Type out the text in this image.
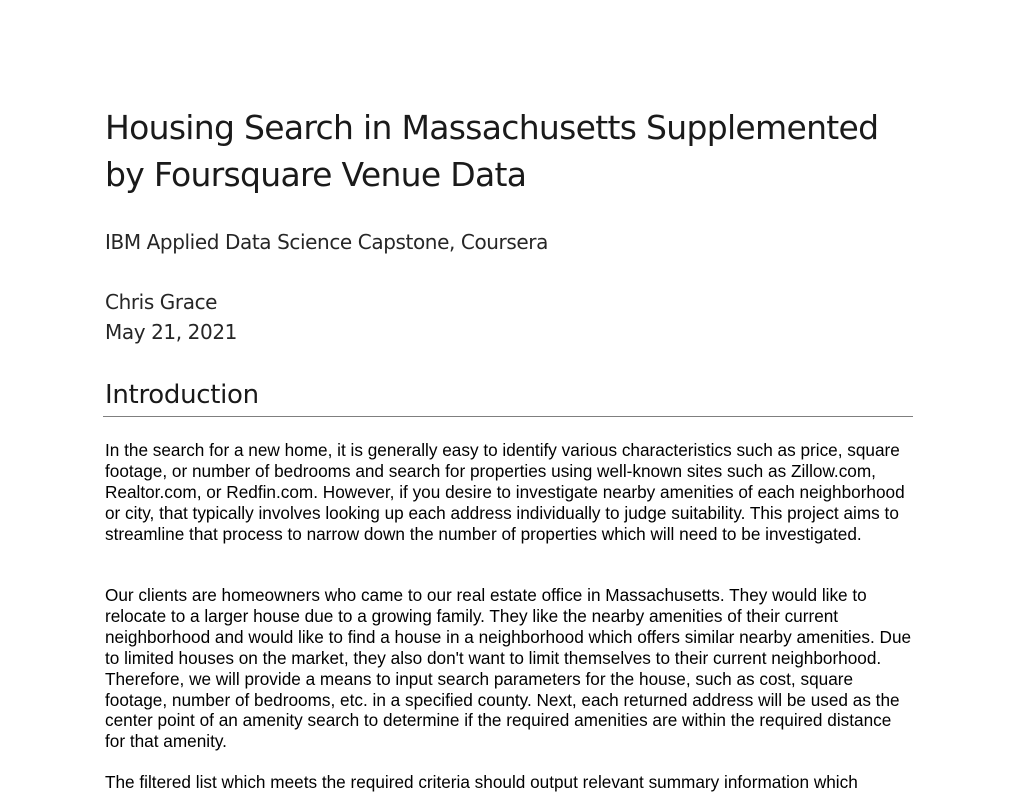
Housing Search in Massachusetts Supplemented by Foursquare Venue Data

IBM Applied Data Science Capstone, Coursera

Chris Grace

May 21, 2021

Introduction

In the search for a new home, it is generally easy to identify various characteristics such as price, square footage, or number of bedrooms and search for properties using well-known sites such as Zillow.com, Realtor.com, or Redfin.com. However, if you desire to investigate nearby amenities of each neighborhood or city, that typically involves looking up each address individually to judge suitability. This project aims to streamline that process to narrow down the number of properties which will need to be investigated.

Our clients are homeowners who came to our real estate office in Massachusetts. They would like to relocate to a larger house due to a growing family. They like the nearby amenities of their current neighborhood and would like to find a house in a neighborhood which offers similar nearby amenities. Due to limited houses on the market, they also don't want to limit themselves to their current neighborhood. Therefore, we will provide a means to input search parameters for the house, such as cost, square footage, number of bedrooms, etc. in a specified county. Next, each returned address will be used as the center point of an amenity search to determine if the required amenities are within the required distance for that amenity.

The filtered list which meets the required criteria should output relevant summary information which
